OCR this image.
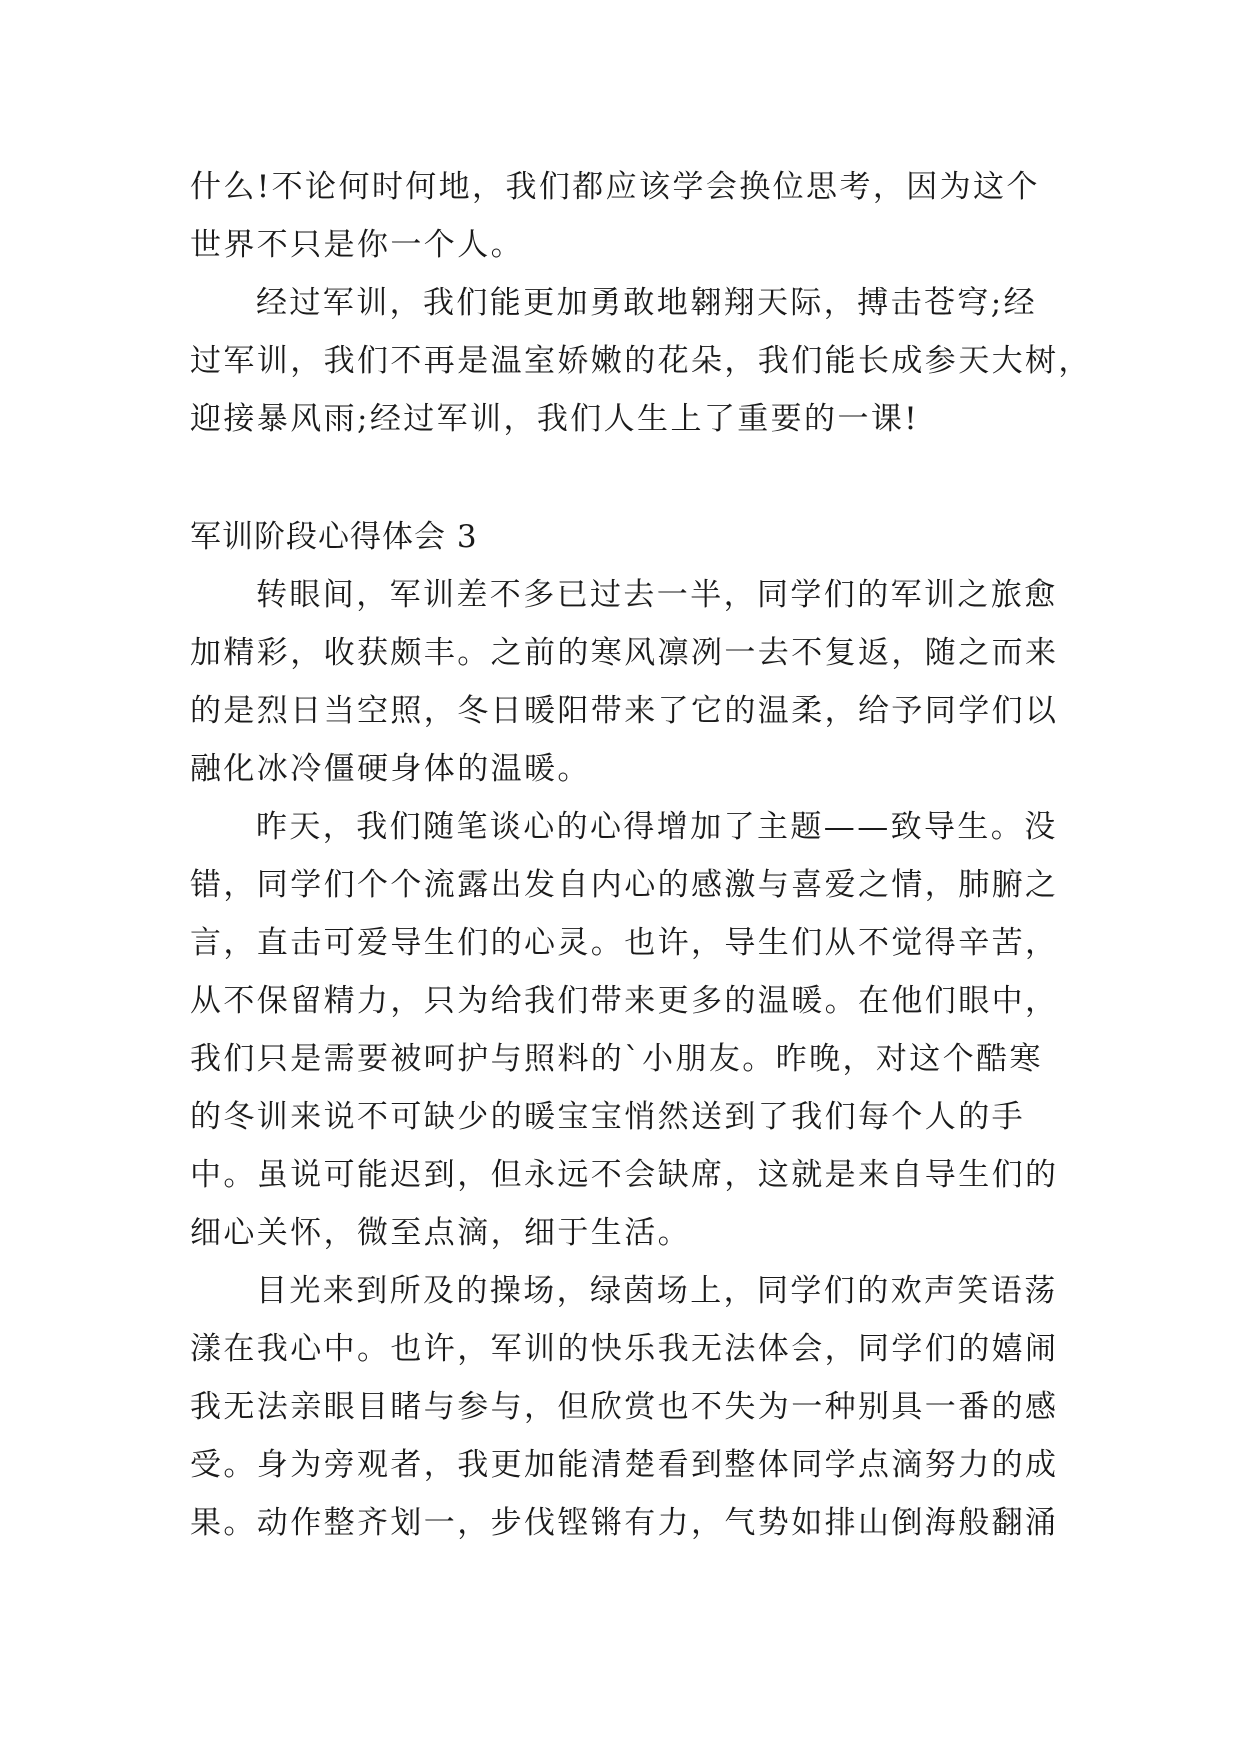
什么!不论何时何地，我们都应该学会换位思考，因为这个
世界不只是你一个人。
经过军训，我们能更加勇敢地翱翔天际，搏击苍穹;经
过军训，我们不再是温室娇嫩的花朵，我们能长成参天大树，
迎接暴风雨;经过军训，我们人生上了重要的一课!
军训阶段心得体会 3
转眼间，军训差不多已过去一半，同学们的军训之旅愈
加精彩，收获颇丰。之前的寒风凛冽一去不复返，随之而来
的是烈日当空照，冬日暖阳带来了它的温柔，给予同学们以
融化冰冷僵硬身体的温暖。
昨天，我们随笔谈心的心得增加了主题——致导生。没
错，同学们个个流露出发自内心的感激与喜爱之情，肺腑之
言，直击可爱导生们的心灵。也许，导生们从不觉得辛苦，
从不保留精力，只为给我们带来更多的温暖。在他们眼中，
我们只是需要被呵护与照料的`小朋友。昨晚，对这个酷寒
的冬训来说不可缺少的暖宝宝悄然送到了我们每个人的手
中。虽说可能迟到，但永远不会缺席，这就是来自导生们的
细心关怀，微至点滴，细于生活。
目光来到所及的操场，绿茵场上，同学们的欢声笑语荡
漾在我心中。也许，军训的快乐我无法体会，同学们的嬉闹
我无法亲眼目睹与参与，但欣赏也不失为一种别具一番的感
受。身为旁观者，我更加能清楚看到整体同学点滴努力的成
果。动作整齐划一，步伐铿锵有力，气势如排山倒海般翻涌
